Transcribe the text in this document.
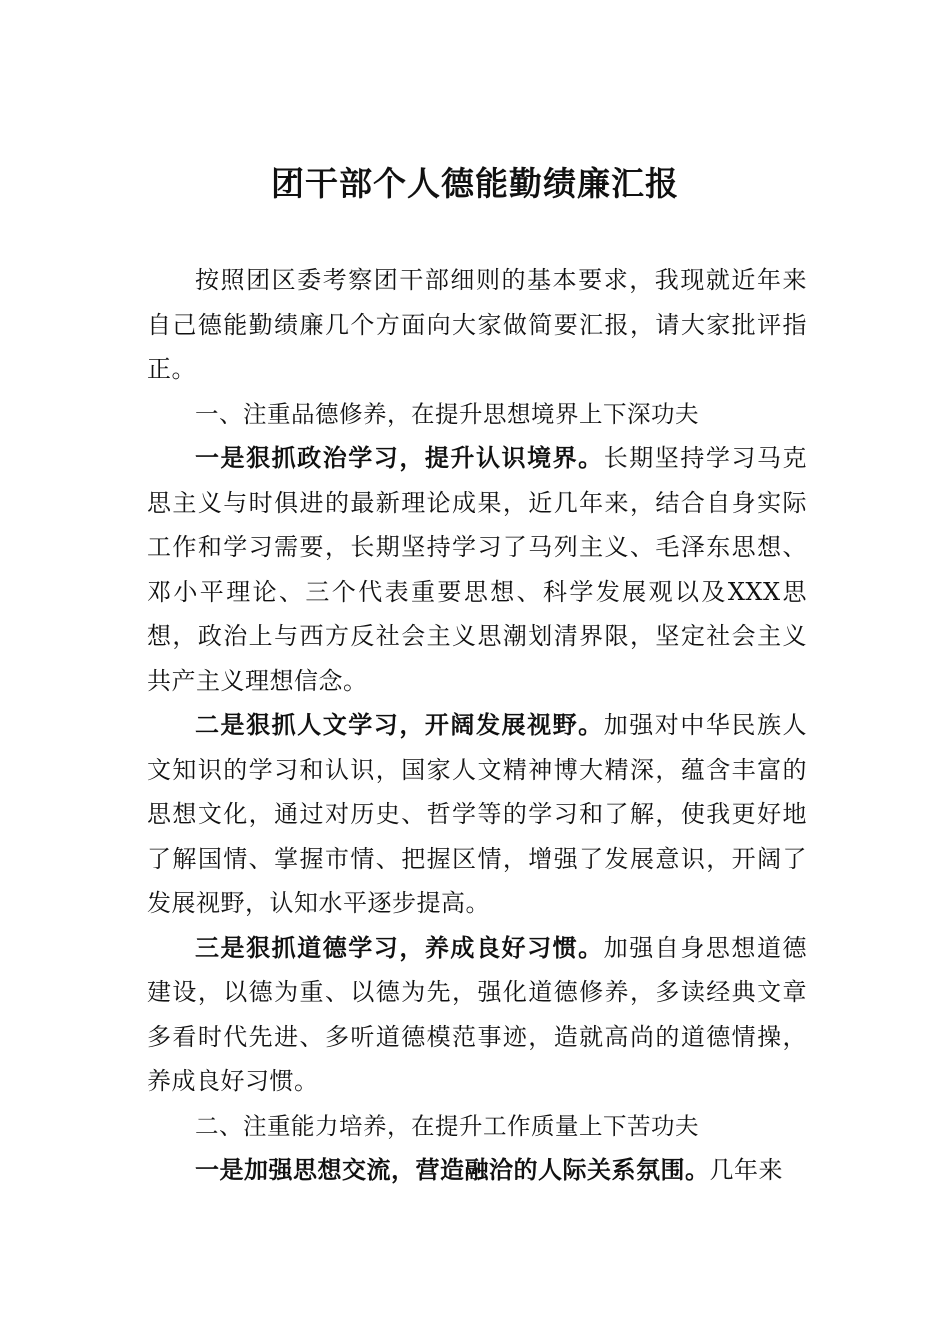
团干部个人德能勤绩廉汇报

按照团区委考察团干部细则的基本要求，我现就近年来自己德能勤绩廉几个方面向大家做简要汇报，请大家批评指正。

一、注重品德修养，在提升思想境界上下深功夫

一是狠抓政治学习，提升认识境界。长期坚持学习马克思主义与时俱进的最新理论成果，近几年来，结合自身实际工作和学习需要，长期坚持学习了马列主义、毛泽东思想、邓小平理论、三个代表重要思想、科学发展观以及XXX思想，政治上与西方反社会主义思潮划清界限，坚定社会主义共产主义理想信念。

二是狠抓人文学习，开阔发展视野。加强对中华民族人文知识的学习和认识，国家人文精神博大精深，蕴含丰富的思想文化，通过对历史、哲学等的学习和了解，使我更好地了解国情、掌握市情、把握区情，增强了发展意识，开阔了发展视野，认知水平逐步提高。

三是狠抓道德学习，养成良好习惯。加强自身思想道德建设，以德为重、以德为先，强化道德修养，多读经典文章多看时代先进、多听道德模范事迹，造就高尚的道德情操，养成良好习惯。

二、注重能力培养，在提升工作质量上下苦功夫

一是加强思想交流，营造融洽的人际关系氛围。几年来
